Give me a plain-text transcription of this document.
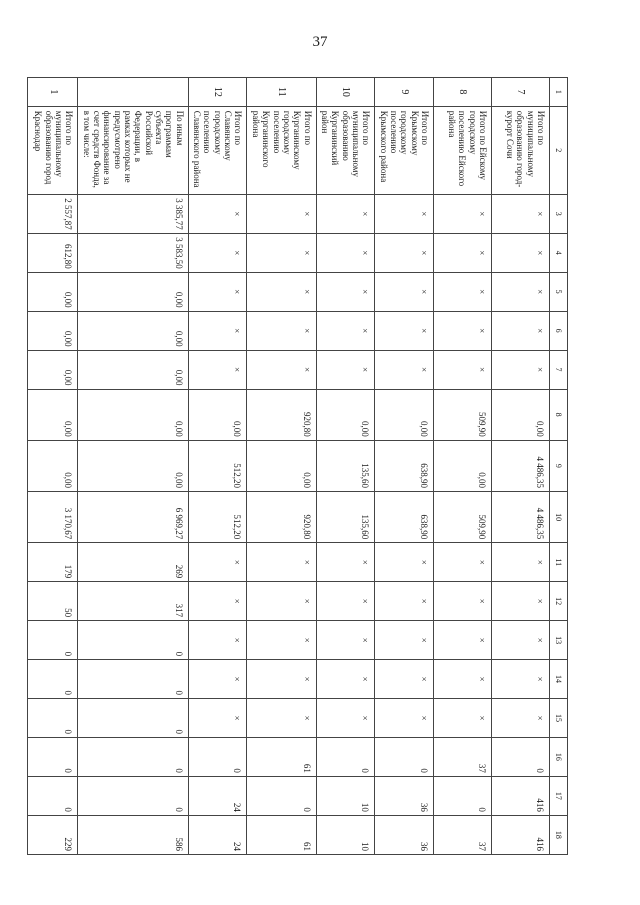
37
1	2	3	4	5	6	7	8	9	10	11	12	13	14	15	16	17	18
7	Итого по муниципальному образованию город-курорт Сочи	×	×	×	×	×	0,00	4 486,35	4 486,35	×	×	×	×	×	0	416	416
8	Итого по Ейскому городскому поселению Ейского района	×	×	×	×	×	509,90	0,00	509,90	×	×	×	×	×	37	0	37
9	Итого по Крымскому городскому поселению Крымского района	×	×	×	×	×	0,00	638,90	638,90	×	×	×	×	×	0	36	36
10	Итого по муниципальному образованию Курганинский район	×	×	×	×	×	0,00	135,60	135,60	×	×	×	×	×	0	10	10
11	Итого по Курганинскому городскому поселению Курганинского района	×	×	×	×	×	920,80	0,00	920,80	×	×	×	×	×	61	0	61
12	Итого по Славянскому городскому поселению Славянского района	×	×	×	×	×	0,00	512,20	512,20	×	×	×	×	×	0	24	24
	По иным программам субъекта Российской Федерации, в рамках которых не предусмотрено финансирование за счет средств Фонда, в том числе:	3 385,77	3 583,50	0,00	0,00	0,00	0,00	0,00	6 969,27	269	317	0	0	0	0	0	586
1	Итого по муниципальному образованию город Краснодар	2 557,87	612,80	0,00	0,00	0,00	0,00	0,00	3 170,67	179	50	0	0	0	0	0	229
